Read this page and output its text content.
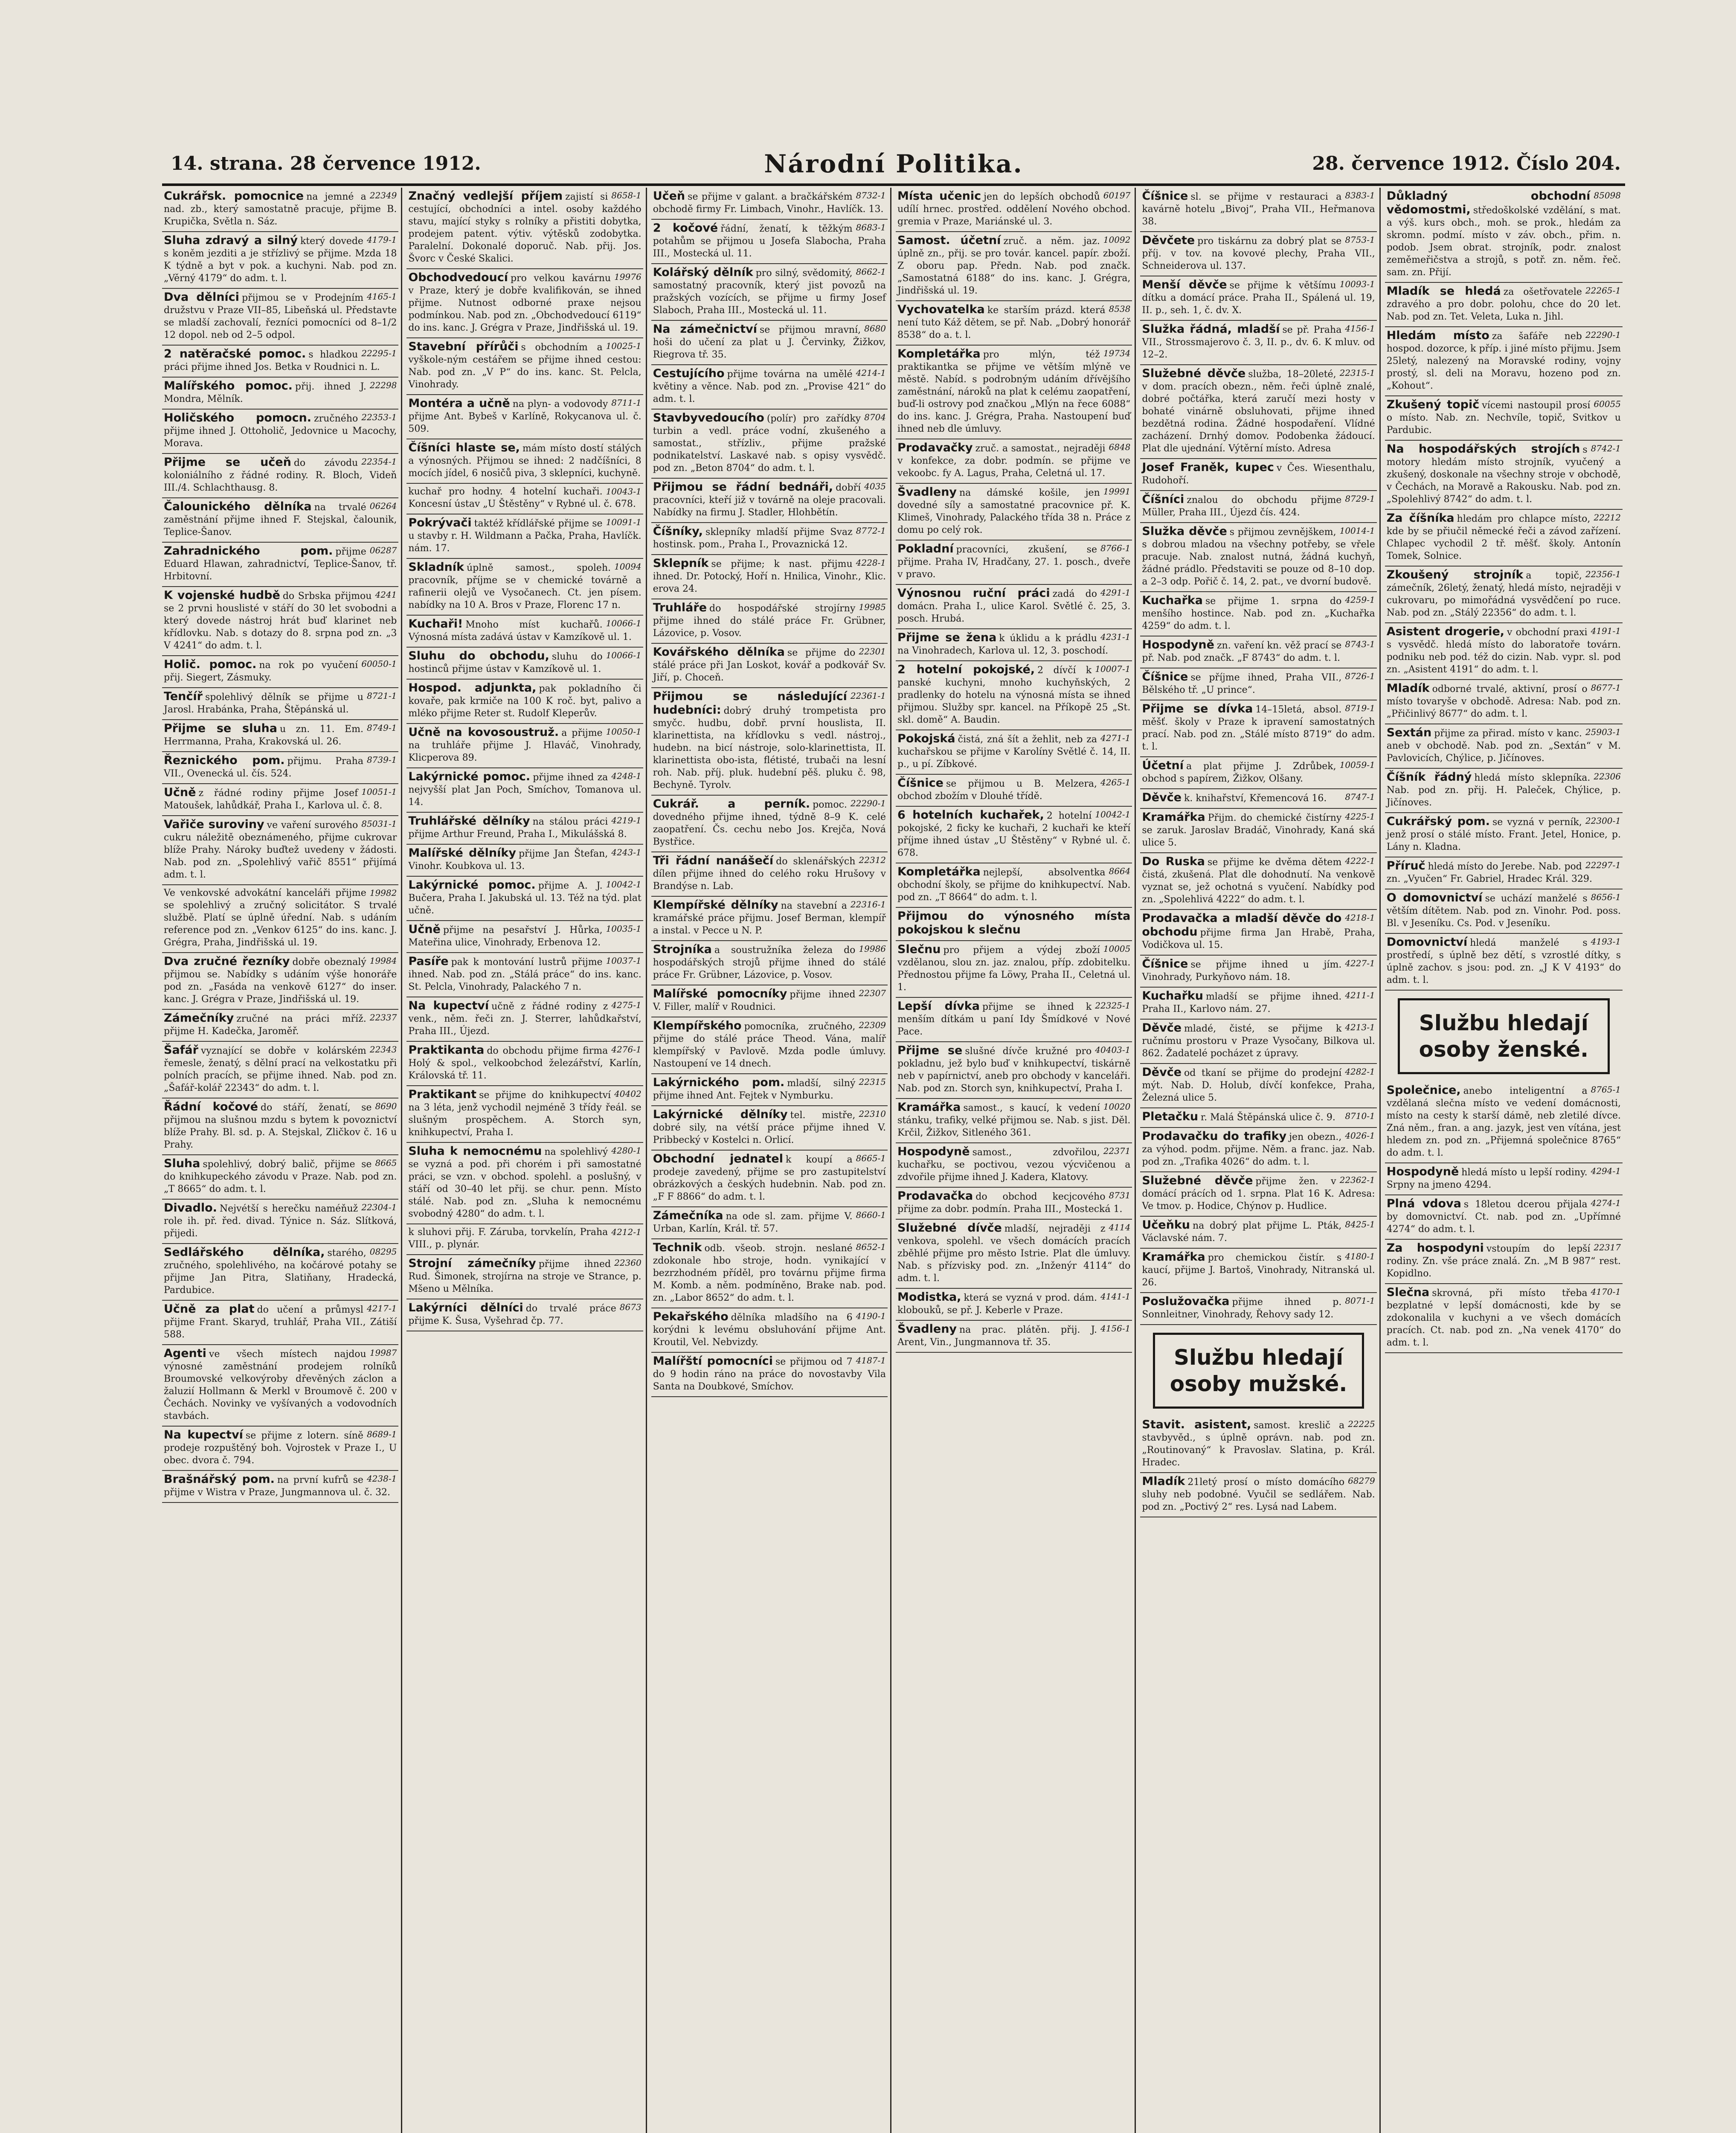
14. strana. 28 července 1912.	Národní Politika.	28. července 1912. Číslo 204.
22349
Cukrářsk. pomocnice na jemné a nad. zb., který samostatně pracuje, přijme B. Krupička, Světla n. Sáz.
4179-1
Sluha zdravý a silný který dovede s koněm jezditi a je střízlivý se přijme. Mzda 18 K týdně a byt v pok. a kuchyni. Nab. pod zn. „Věrný 4179“ do adm. t. l.
4165-1
Dva dělníci přijmou se v Prodejním družstvu v Praze VII–85, Libeňská ul. Představte se mladší zachovalí, řezníci pomocníci od 8–1/2 12 dopol. neb od 2–5 odpol.
22295-1
2 natěračské pomoc. s hladkou práci přijme ihned Jos. Betka v Roudnici n. L.
22298
Malířského pomoc. přij. ihned J. Mondra, Mělník.
22353-1
Holičského pomocn. zručného přijme ihned J. Ottoholič, Jedovnice u Macochy, Morava.
22354-1
Přijme se učeň do závodu koloniálního z řádné rodiny. R. Bloch, Videň III./4. Schlachthausg. 8.
06264
Čalounického dělníka na trvalé zaměstnání přijme ihned F. Stejskal, čalounik, Teplice-Šanov.
06287
Zahradnického pom. přijme Eduard Hlawan, zahradnictví, Teplice-Šanov, tř. Hrbitovní.
4241
K vojenské hudbě do Srbska přijmou se 2 prvni houslisté v stáří do 30 let svobodni a který dovede nástroj hrát buď klarinet neb křídlovku. Nab. s dotazy do 8. srpna pod zn. „3 V 4241“ do adm. t. l.
60050-1
Holič. pomoc. na rok po vyučení přij. Siegert, Zásmuky.
8721-1
Tenčíř spolehlivý dělník se přijme u Jarosl. Hrabánka, Praha, Štěpánská ul.
8749-1
Přijme se sluha u zn. 11. Em. Herrmanna, Praha, Krakovská ul. 26.
8739-1
Řeznického pom. přijmu. Praha VII., Ovenecká ul. čís. 524.
10051-1
Učně z řádné rodiny přijme Josef Matoušek, lahůdkář, Praha I., Karlova ul. č. 8.
85031-1
Vařiče suroviny ve vaření surového cukru náležitě obeznámeného, přijme cukrovar blíže Prahy. Nároky buďtež uvedeny v žádosti. Nab. pod zn. „Spolehlivý vařič 8551“ přijímá adm. t. l.
19982
Ve venkovské advokátní kanceláři přijme se spolehlivý a zručný solicitátor. S trvalé službě. Platí se úplně úřední. Nab. s udáním reference pod zn. „Venkov 6125“ do ins. kanc. J. Grégra, Praha, Jindřišská ul. 19.
19984
Dva zručné řezníky dobře obeznalý přijmou se. Nabídky s udáním výše honoráře pod zn. „Fasáda na venkově 6127“ do inser. kanc. J. Grégra v Praze, Jindřišská ul. 19.
22337
Zámečníky zručné na práci mříž. přijme H. Kadečka, Jaroměř.
22343
Šafář vyznající se dobře v kolárském řemesle, ženatý, s dělní prací na velkostatku při polních pracích, se přijme ihned. Nab. pod zn. „Šafář-kolář 22343“ do adm. t. l.
8690
Řádní kočové do stáří, ženatí, se přijmou na slušnou mzdu s bytem k povoznictví blíže Prahy. Bl. sd. p. A. Stejskal, Zličkov č. 16 u Prahy.
8665
Sluha spolehlivý, dobrý balič, přijme se do knihkupeckého závodu v Praze. Nab. pod zn. „T 8665“ do adm. t. l.
22304-1
Divadlo. Nejvétší s herečku naméňuž role ih. př. řed. divad. Týnice n. Sáz. Slítková, přijedi.
08295
Sedlářského dělníka, starého, zručného, spolehlivého, na kočárové potahy se přijme Jan Pitra, Slatiňany, Hradecká, Pardubice.
4217-1
Učně za plat do učení a průmysl přijme Frant. Skaryd, truhlář, Praha VII., Zátiší 588.
19987
Agenti ve všech místech najdou výnosné zaměstnání prodejem rolníků Broumovské velkovýroby dřevěných záclon a žaluzií Hollmann & Merkl v Broumově č. 200 v Čechách. Novinky ve vyšívaných a vodovodních stavbách.
8689-1
Na kupectví se přijme z lotern. síně prodeje rozpuštěný boh. Vojrostek v Praze I., U obec. dvora č. 794.
4238-1
Brašnářský pom. na první kufrů se přijme v Wistra v Praze, Jungmannova ul. č. 32.
8658-1
Značný vedlejší příjem zajistí si cestující, obchodníci a intel. osoby každého stavu, mající styky s rolníky a přistiti dobytka, prodejem patent. výtiv. výtěsků zodobytka. Paralelní. Dokonalé doporuč. Nab. přij. Jos. Švorc v České Skalici.
19976
Obchodvedoucí pro velkou kavárnu v Praze, který je dobře kvalifikován, se ihned přijme. Nutnost odborné praxe nejsou podmínkou. Nab. pod zn. „Obchodvedoucí 6119“ do ins. kanc. J. Grégra v Praze, Jindřišská ul. 19.
10025-1
Stavební přírůči s obchodním a vyškole-ným cestářem se přijme ihned cestou: Nab. pod zn. „V P“ do ins. kanc. St. Pelcla, Vinohrady.
8711-1
Montéra a učně na plyn- a vodovody přijme Ant. Bybeš v Karlíně, Rokycanova ul. č. 509.
Číšníci hlaste se, mám místo dostí stálých a výnosných. Přijmou se ihned: 2 nadčíšníci, 8 mocích jídel, 6 nosičů piva, 3 sklepníci, kuchyně.
10043-1
kuchař pro hodny. 4 hotelní kuchaři. Koncesní ústav „U Štěstěny“ v Rybné ul. č. 678.
10091-1
Pokrývači taktéž křídlářské přijme se u stavby r. H. Wildmann a Pačka, Praha, Havlíčk. nám. 17.
10094
Skladník úplně samost., spoleh. pracovník, příjme se v chemické továrně a rafinerii olejů ve Vysočanech. Ct. jen písem. nabídky na 10 A. Bros v Praze, Florenc 17 n.
10066-1
Kuchaři! Mnoho míst kuchařů. Výnosná místa zadává ústav v Kamzíkově ul. 1.
10066-1
Sluhu do obchodu, sluhu do hostinců přijme ústav v Kamzíkově ul. 1.
Hospod. adjunkta, pak pokladního či kovaře, pak krmiče na 100 K roč. byt, palivo a mléko přijme Reter st. Rudolf Kleperův.
10050-1
Učně na kovosoustruž. a přijme na truhláře přijme J. Hlaváč, Vinohrady, Klicperova 89.
4248-1
Lakýrnické pomoc. přijme ihned za nejvyšší plat Jan Poch, Smíchov, Tomanova ul. 14.
4219-1
Truhlářské dělníky na stálou práci přijme Arthur Freund, Praha I., Mikulášská 8.
4243-1
Malířské dělníky přijme Jan Štefan, Vinohr. Koubkova ul. 13.
10042-1
Lakýrnické pomoc. přijme A. J. Bučera, Praha I. Jakubská ul. 13. Též na týd. plat učně.
10035-1
Učně přijme na pesařství J. Hůrka, Mateřina ulice, Vinohrady, Erbenova 12.
10037-1
Pasíře pak k montování lustrů přijme ihned. Nab. pod zn. „Stálá práce“ do ins. kanc. St. Pelcla, Vinohrady, Palackého 7 n.
4275-1
Na kupectví učně z řádné rodiny z venk., něm. řeči zn. J. Sterrer, lahůdkařství, Praha III., Újezd.
4276-1
Praktikanta do obchodu přijme firma Holý & spol., velkoobchod železářství, Karlín, Královská tř. 11.
40402
Praktikant se přijme do knihkupectví na 3 léta, jenž vychodil nejméně 3 třídy řeál. se slušným prospěchem. A. Storch syn, knihkupectví, Praha I.
4280-1
Sluha k nemocnému na spolehlivý se vyzná a pod. při chorém i při samostatné práci, se vzn. v obchod. spolehl. a poslušný, v stáří od 30–40 let přij. se chur. penn. Místo stálé. Nab. pod zn. „Sluha k nemocnému svobodný 4280“ do adm. t. l.
4212-1
k sluhovi přij. F. Záruba, torvkelín, Praha VIII., p. plynár.
22360
Strojní zámečníky přijme ihned Rud. Šimonek, strojírna na stroje ve Strance, p. Mšeno u Mělníka.
8673
Lakýrníci dělníci do trvalé práce přijme K. Šusa, Vyšehrad čp. 77.
8732-1
Učeň se přijme v galant. a bračkářském obchodě firmy Fr. Limbach, Vinohr., Havlíčk. 13.
8683-1
2 kočové řádní, ženatí, k těžkým potahům se přijmou u Josefa Slabocha, Praha III., Mostecká ul. 11.
8662-1
Kolářský dělník pro silný, svědomitý, samostatný pracovník, který jist povozů na pražských vozících, se přijme u firmy Josef Slaboch, Praha III., Mostecká ul. 11.
8680
Na zámečnictví se přijmou mravní, hoši do učení za plat u J. Červinky, Žižkov, Riegrova tř. 35.
4214-1
Cestujícího přijme továrna na umělé květiny a věnce. Nab. pod zn. „Provise 421“ do adm. t. l.
8704
Stavbyvedoucího (polír) pro zařídky turbin a vedl. práce vodní, zkušeného a samostat., střízliv., přijme pražské podnikatelství. Laskavé nab. s opisy vysvědč. pod zn. „Beton 8704“ do adm. t. l.
4035
Přijmou se řádní bednáři, dobří pracovníci, kteří již v továrně na oleje pracovali. Nabídky na firmu J. Stadler, Hlohbětín.
8772-1
Číšníky, sklepníky mladší přijme Svaz hostinsk. pom., Praha I., Provaznická 12.
4228-1
Sklepník se přijme; k nast. přijmu ihned. Dr. Potocký, Hoří n. Hnilica, Vinohr., Klic. erova 24.
19985
Truhláře do hospodářské strojírny přijme ihned do stálé práce Fr. Grübner, Lázovice, p. Vosov.
22301
Kovářského dělníka se přijme do stálé práce při Jan Loskot, kovář a podkovář Sv. Jiří, p. Choceň.
22361-1
Přijmou se následující hudebníci: dobrý druhý trompetista pro smyčc. hudbu, dobř. první houslista, II. klarinettista, na křídlovku s vedl. nástroj., hudebn. na bicí nástroje, solo-klarinettista, II. klarinettista obo-ista, flétisté, trubači na lesní roh. Nab. příj. pluk. hudební pěš. pluku č. 98, Bechyně. Tyrolv.
22290-1
Cukrář. a perník. pomoc. dovedného přijme ihned, týdně 8–9 K. celé zaopatření. Čs. cechu nebo Jos. Krejča, Nová Bystřice.
22312
Tři řádní nanášečí do sklenářských dílen přijme ihned do celého roku Hrušovy v Brandýse n. Lab.
22316-1
Klempířské dělníky na stavební a kramářské práce přijmu. Josef Berman, klempíř a instal. v Pecce u N. P.
19986
Strojníka a soustružníka železa do hospodářských strojů přijme ihned do stálé práce Fr. Grübner, Lázovice, p. Vosov.
22307
Malířské pomocníky přijme ihned V. Filler, malíř v Roudnici.
22309
Klempířského pomocníka, zručného, přijme do stálé práce Theod. Vána, malíř klempířský v Pavlově. Mzda podle úmluvy. Nastoupení ve 14 dnech.
22315
Lakýrnického pom. mladší, silný přijme ihned Ant. Fejtek v Nymburku.
22310
Lakýrnické dělníky tel. mistře, dobré sily, na vétší práce přijme ihned V. Pribbecký v Kostelci n. Orlicí.
8665-1
Obchodní jednatel k koupí a prodeje zavedený, přijme se pro zastupitelství obrázkových a českých hudebnin. Nab. pod zn. „F F 8866“ do adm. t. l.
8660-1
Zámečníka na ode sl. zam. přijme V. Urban, Karlín, Král. tř. 57.
8652-1
Technik odb. všeob. strojn. neslané zdokonale hbo stroje, hodn. vynikající v bezrzhodném příděl, pro továrnu přijme firma M. Komb. a něm. podmíněno, Brake nab. pod. zn. „Labor 8652“ do adm. t. l.
4190-1
Pekařského dělníka mladšího na 6 korýdni k levému obsluhování přijme Ant. Kroutil, Vel. Nebvizdy.
4187-1
Malířští pomocníci se přijmou od 7 do 9 hodin ráno na práce do novostavby Vila Santa na Doubkové, Smíchov.
60197
Místa učenic jen do lepších obchodů udílí hrnec. prostřed. oddělení Nového obchod. gremia v Praze, Mariánské ul. 3.
10092
Samost. účetní zruč. a něm. jaz. úplně zn., přij. se pro továr. kancel. papír. zboží. Z oboru pap. Předn. Nab. pod značk. „Samostatná 6188“ do ins. kanc. J. Grégra, Jindřišská ul. 19.
8538
Vychovatelka ke starším prázd. která není tuto Káž dětem, se př. Nab. „Dobrý honorář 8538“ do a. t. l.
19734
Kompletářka pro mlýn, též praktikantka se přijme ve větším mlýně ve městě. Nabíd. s podrobným udáním dřívějšího zaměstnání, nároků na plat k celému zaopatření, buď-li ostrovy pod značkou „Mlýn na řece 6088“ do ins. kanc. J. Grégra, Praha. Nastoupení buď ihned neb dle úmluvy.
6848
Prodavačky zruč. a samostat., nejraději v konfekce, za dobr. podmín. se přijme ve vekoobc. fy A. Lagus, Praha, Celetná ul. 17.
19991
Švadleny na dámské košile, jen dovedné síly a samostatné pracovnice př. K. Klimeš, Vinohrady, Palackého třída 38 n. Práce z domu po celý rok.
8766-1
Pokladní pracovníci, zkušení, se přijme. Praha IV, Hradčany, 27. 1. posch., dveře v pravo.
4291-1
Výnosnou ruční práci zadá do domácn. Praha I., ulice Karol. Světlé č. 25, 3. posch. Hrubá.
4231-1
Přijme se žena k úklidu a k prádlu na Vinohradech, Karlova ul. 12, 3. poschodí.
10007-1
2 hotelní pokojské, 2 dívčí k panské kuchyni, mnoho kuchyňských, 2 pradlenky do hotelu na výnosná místa se ihned přijmou. Služby spr. kancel. na Příkopě 25 „St. skl. domě“ A. Baudin.
4271-1
Pokojská čistá, zná šít a žehlit, neb za kuchařskou se přijme v Karolíny Světlé č. 14, II. p., u pí. Zíbkové.
4265-1
Číšnice se přijmou u B. Melzera, obchod zbožím v Dlouhé třídě.
10042-1
6 hotelních kuchařek, 2 hotelní pokojské, 2 ficky ke kuchaři, 2 kuchaři ke kteří příjme ihned ústav „U Štěstěny“ v Rybné ul. č. 678.
8664
Kompletářka nejlepší, absolventka obchodní školy, se přijme do knihkupectví. Nab. pod zn. „T 8664“ do adm. t. l.
Přijmou do výnosného místa pokojskou k slečnu
10005
Slečnu pro přijem a výdej zboží vzdělanou, slou zn. jaz. znalou, příp. zdobitelku. Přednostou přijme fa Löwy, Praha II., Celetná ul. 1.
22325-1
Lepší dívka přijme se ihned k menším dítkám u paní Idy Šmídkové v Nové Pace.
40403-1
Přijme se slušné dívče kružné pro pokladnu, jež bylo buď v knihkupectví, tiskárně neb v papírnictví, aneb pro obchody v kanceláři. Nab. pod zn. Storch syn, knihkupectví, Praha I.
10020
Kramářka samost., s kaucí, k vedení stánku, trafiky, velké přijmou se. Nab. s jist. Děl. Krčil, Žižkov, Sitleného 361.
22371
Hospodyně samost., zdvořilou, kuchařku, se poctivou, vezou výcvičenou a zdvořile přijme ihned J. Kadera, Klatovy.
8731
Prodavačka do obchod kecjcového přijme za dobr. podmín. Praha III., Mostecká 1.
4114
Služebné dívče mladší, nejraději z venkova, spolehl. ve všech domácích pracích zběhlé přijme pro město Istrie. Plat dle úmluvy. Nab. s přízvisky pod. zn. „Inženýr 4114“ do adm. t. l.
4141-1
Modistka, která se vyzná v prod. dám. klobouků, se př. J. Keberle v Praze.
4156-1
Švadleny na prac. plátěn. přij. J. Arent, Vin., Jungmannova tř. 35.
8383-1
Číšnice sl. se přijme v restauraci a kavárně hotelu „Bivoj“, Praha VII., Heřmanova 38.
8753-1
Děvčete pro tiskárnu za dobrý plat se příj. v tov. na kovové plechy, Praha VII., Schneiderova ul. 137.
10093-1
Menší děvče se přijme k většímu dítku a domácí práce. Praha II., Spálená ul. 19, II. p., seh. 1, č. dv. X.
4156-1
Služka řádná, mladší se př. Praha VII., Strossmajerovo č. 3, II. p., dv. 6. K mluv. od 12–2.
22315-1
Služebné děvče služba, 18–20leté, v dom. pracích obezn., něm. řeči úplně znalé, dobré počtářka, která zaručí mezi hosty v bohaté vinárně obsluhovati, přijme ihned bezdětná rodina. Žádné hospodaření. Vlídné zacházení. Drnhý domov. Podobenka žádoucí. Plat dle ujednání. Výtěrní místo. Adresa
Josef Franěk, kupec v Čes. Wiesenthalu, Rudohoří.
8729-1
Číšníci znalou do obchodu přijme Müller, Praha III., Újezd čís. 424.
10014-1
Služka děvče s přijmou zevnějškem, s dobrou mladou na všechny potřeby, se vřele pracuje. Nab. znalost nutná, žádná kuchyň, žádné prádlo. Představiti se pouze od 8–10 dop. a 2–3 odp. Pořič č. 14, 2. pat., ve dvorní budově.
4259-1
Kuchařka se přijme 1. srpna do menšího hostince. Nab. pod zn. „Kuchařka 4259“ do adm. t. l.
8743-1
Hospodyně zn. vaření kn. věž prací se př. Nab. pod značk. „F 8743“ do adm. t. l.
8726-1
Číšnice se příjme ihned, Praha VII., Bělského tř. „U prince“.
8719-1
Přijme se dívka 14–15letá, absol. měšť. školy v Praze k ipravení samostatných prací. Nab. pod zn. „Stálé místo 8719“ do adm. t. l.
10059-1
Účetní a plat přijme J. Zdrůbek, obchod s papírem, Žižkov, Olšany.
8747-1
Děvče k. knihařství, Křemencová 16.
4225-1
Kramářka Přijm. do chemické čistírny se zaruk. Jaroslav Bradáč, Vinohrady, Kaná ská ulice 5.
4222-1
Do Ruska se přijme ke dvěma dětem čistá, zkušená. Plat dle dohodnutí. Na venkově vyznat se, jež ochotná s vyučení. Nabídky pod zn. „Spolehlivá 4222“ do adm. t. l.
4218-1
Prodavačka a mladší děvče do obchodu přijme firma Jan Hrabě, Praha, Vodičkova ul. 15.
4227-1
Číšnice se přijme ihned u jím. Vinohrady, Purkyňovo nám. 18.
4211-1
Kuchařku mladší se přijme ihned. Praha II., Karlovo nám. 27.
4213-1
Děvče mladé, čisté, se přijme k ručnímu prostoru v Praze Vysočany, Bilkova ul. 862. Žadatelé pocházet z úpravy.
4282-1
Děvče od tkaní se přijme do prodejní mýt. Nab. D. Holub, dívčí konfekce, Praha, Železná ulice 5.
8710-1
Pletačku r. Malá Štěpánská ulice č. 9.
4026-1
Prodavačku do trafiky jen obezn., za výhod. podm. přijme. Něm. a franc. jaz. Nab. pod zn. „Trafika 4026“ do adm. t. l.
22362-1
Služebné děvče přijme žen. v domácí prácích od 1. srpna. Plat 16 K. Adresa: Ve tmov. p. Hodice, Chýnov p. Hudlice.
8425-1
Učeňku na dobrý plat přijme L. Pták, Václavské nám. 7.
4180-1
Kramářka pro chemickou čistír. s kaucí, přijme J. Bartoš, Vinohrady, Nitranská ul. 26.
8071-1
Poslužovačka přijme ihned p. Sonnleitner, Vinohrady, Řehovy sady 12.
Službu hledají osoby mužské.
22225
Stavit. asistent, samost. kreslič a stavbyvěd., s úplně oprávn. nab. pod zn. „Routinovaný“ k Pravoslav. Slatina, p. Král. Hradec.
68279
Mladík 21letý prosí o místo domácího sluhy neb podobné. Vyučil se sedlářem. Nab. pod zn. „Poctivý 2“ res. Lysá nad Labem.
85098
Důkladný obchodní vědomostmi, středoškolské vzdělání, s mat. a výš. kurs obch., moh. se prok., hledám za skromn. podmí. místo v záv. obch., přim. n. podob. Jsem obrat. strojník, podr. znalost zeměmeřičstva a strojů, s potř. zn. něm. řeč. sam. zn. Přijí.
22265-1
Mladík se hledá za ošetřovatele zdravého a pro dobr. polohu, chce do 20 let. Nab. pod zn. Tet. Veleta, Luka n. Jihl.
22290-1
Hledám místo za šafáře neb hospod. dozorce, k příp. i jiné místo přijmu. Jsem 25letý, nalezený na Moravské rodiny, vojny prostý, sl. deli na Moravu, hozeno pod zn. „Kohout“.
60055
Zkušený topič vícemi nastoupil prosí o místo. Nab. zn. Nechvíle, topič, Svitkov u Pardubic.
8742-1
Na hospodářských strojích s motory hledám místo strojník, vyučený a zkušený, doskonale na všechny stroje v obchodě, v Čechách, na Moravě a Rakousku. Nab. pod zn. „Spolehlivý 8742“ do adm. t. l.
22212
Za číšníka hledám pro chlapce místo, kde by se přiučil německé řeči a závod zařízení. Chlapec vychodil 2 tř. měšť. školy. Antonín Tomek, Solnice.
22356-1
Zkoušený strojník a topič, zámečník, 26letý, ženatý, hledá místo, nejraději v cukrovaru, po mimořádná vysvědčení po ruce. Nab. pod zn. „Stálý 22356“ do adm. t. l.
4191-1
Asistent drogerie, v obchodní praxi s vysvědč. hledá místo do laboratoře továrn. podniku neb pod. též do cizin. Nab. vypr. sl. pod zn. „Asistent 4191“ do adm. t. l.
8677-1
Mladík odborné trvalé, aktivní, prosí o místo tovaryše v obchodě. Adresa: Nab. pod zn. „Přičinlivý 8677“ do adm. t. l.
25903-1
Sextán přijme za přirad. místo v kanc. aneb v obchodě. Nab. pod zn. „Sextán“ v M. Pavlovicích, Chýlice, p. Jičínoves.
22306
Číšník řádný hledá místo sklepníka. Nab. pod zn. přij. H. Paleček, Chýlice, p. Jičínoves.
22300-1
Cukrářský pom. se vyzná v perník, jenž prosí o stálé místo. Frant. Jetel, Honice, p. Lány n. Kladna.
22297-1
Příruč hledá místo do Jerebe. Nab. pod zn. „Vyučen“ Fr. Gabriel, Hradec Král. 329.
8656-1
O domovnictví se uchází manželé s větším dítětem. Nab. pod zn. Vinohr. Pod. poss. Bl. v Jeseníku. Cs. Pod. v Jeseníku.
4193-1
Domovnictví hledá manželé s prostředí, s úplně bez dětí, s vzrostlé dítky, s úplně zachov. s jsou: pod. zn. „J K V 4193“ do adm. t. l.
Službu hledají osoby ženské.
8765-1
Společnice, anebo inteligentní a vzdělaná slečna místo ve vedení domácnosti, místo na cesty k starší dámě, neb zletilé dívce. Zná něm., fran. a ang. jazyk, jest ven vítána, jest hledem zn. pod zn. „Přijemná společnice 8765“ do adm. t. l.
4294-1
Hospodyně hledá místo u lepší rodiny. Srpny na jmeno 4294.
4274-1
Plná vdova s 18letou dcerou přijala by domovnictví. Ct. nab. pod zn. „Upřímné 4274“ do adm. t. l.
22317
Za hospodyni vstoupím do lepší rodiny. Zn. vše práce znalá. Zn. „M B 987“ rest. Kopidlno.
4170-1
Slečna skrovná, při místo třeba bezplatné v lepší domácnosti, kde by se zdokonalila v kuchyni a ve všech domácích pracích. Ct. nab. pod zn. „Na venek 4170“ do adm. t. l.
